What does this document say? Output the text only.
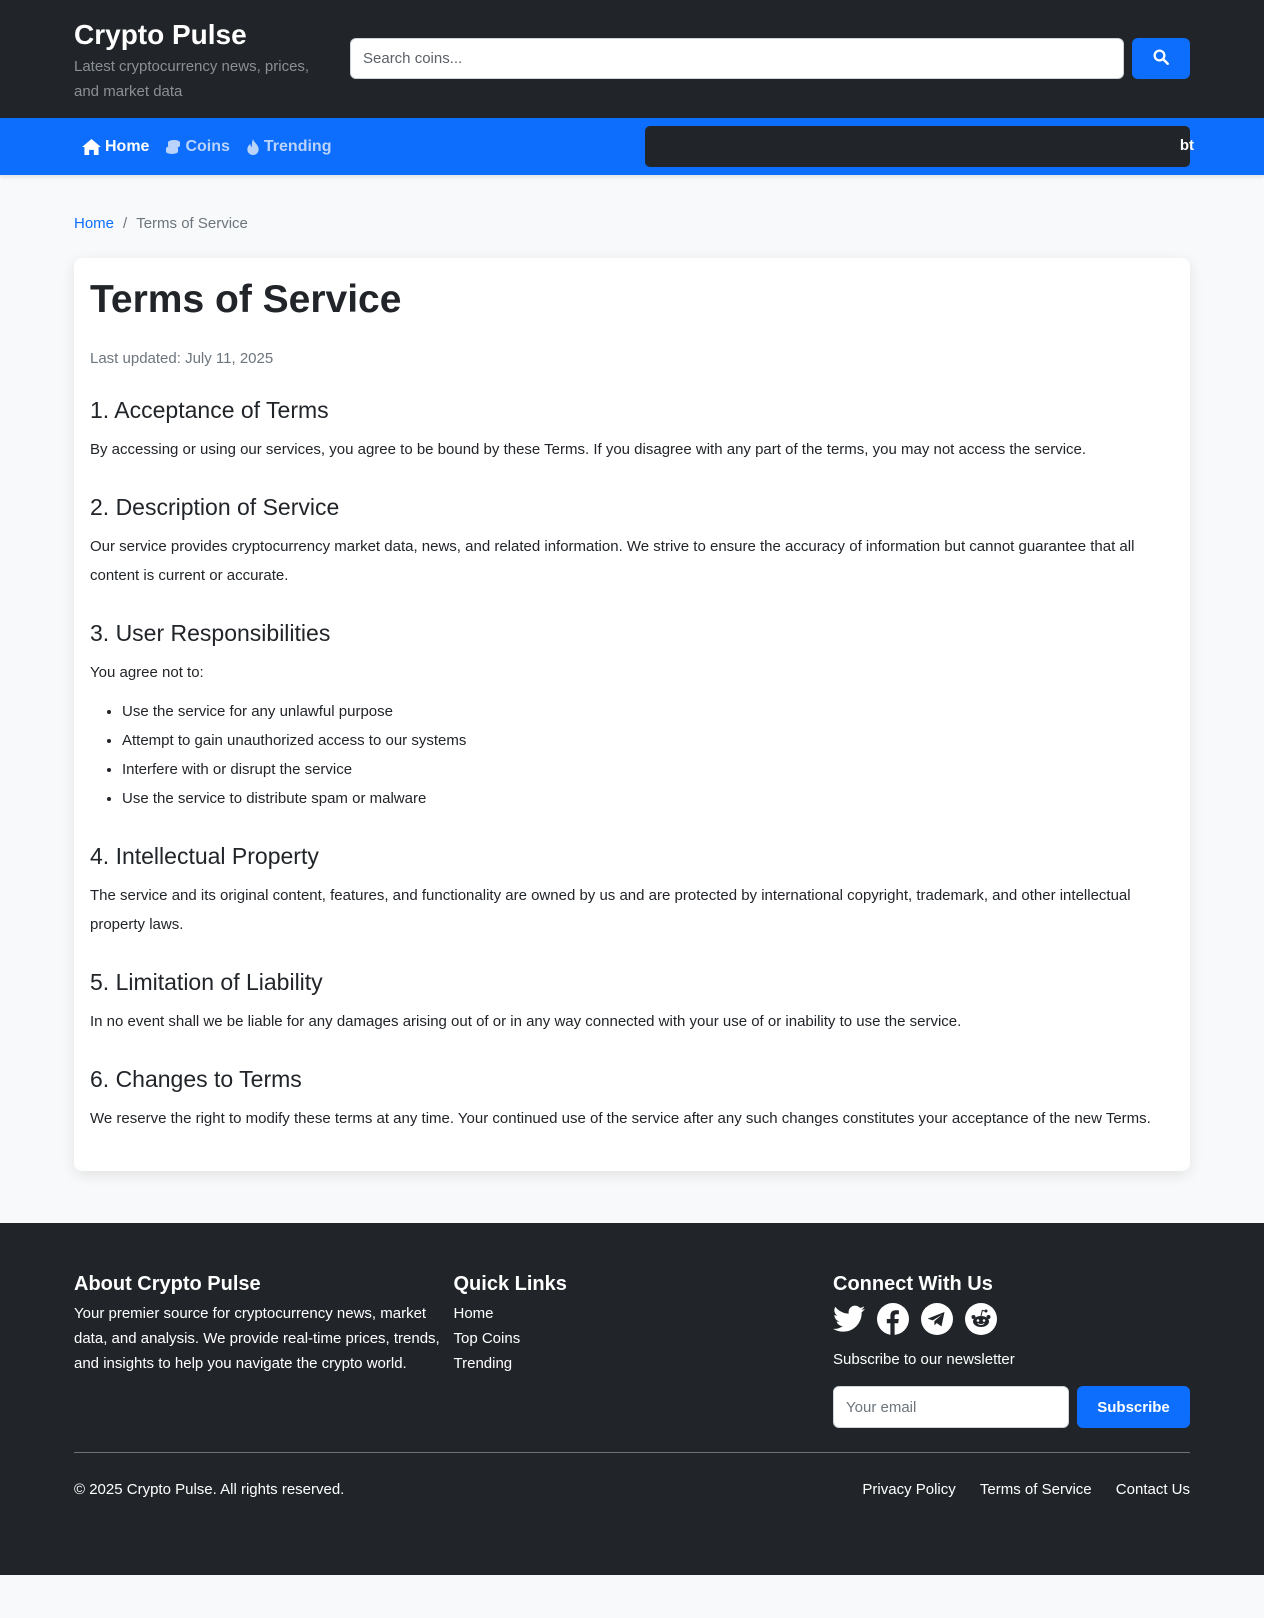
Crypto Pulse
Latest cryptocurrency news, prices, and market data
Search coins...
Home Coins Trending	bt
Home / Terms of Service
Terms of Service

Last updated: July 11, 2025

1. Acceptance of Terms

By accessing or using our services, you agree to be bound by these Terms. If you disagree with any part of the terms, you may not access the service.

2. Description of Service

Our service provides cryptocurrency market data, news, and related information. We strive to ensure the accuracy of information but cannot guarantee that all content is current or accurate.

3. User Responsibilities

You agree not to:

• Use the service for any unlawful purpose
• Attempt to gain unauthorized access to our systems
• Interfere with or disrupt the service
• Use the service to distribute spam or malware
4. Intellectual Property

The service and its original content, features, and functionality are owned by us and are protected by international copyright, trademark, and other intellectual property laws.

5. Limitation of Liability

In no event shall we be liable for any damages arising out of or in any way connected with your use of or inability to use the service.

6. Changes to Terms

We reserve the right to modify these terms at any time. Your continued use of the service after any such changes constitutes your acceptance of the new Terms.

About Crypto Pulse

Your premier source for cryptocurrency news, market data, and analysis. We provide real-time prices, trends, and insights to help you navigate the crypto world.

Quick Links
Home
Top Coins
Trending
Connect With Us
Subscribe to our newsletter
Your email
Subscribe
© 2025 Crypto Pulse. All rights reserved.	Privacy Policy Terms of Service Contact Us
